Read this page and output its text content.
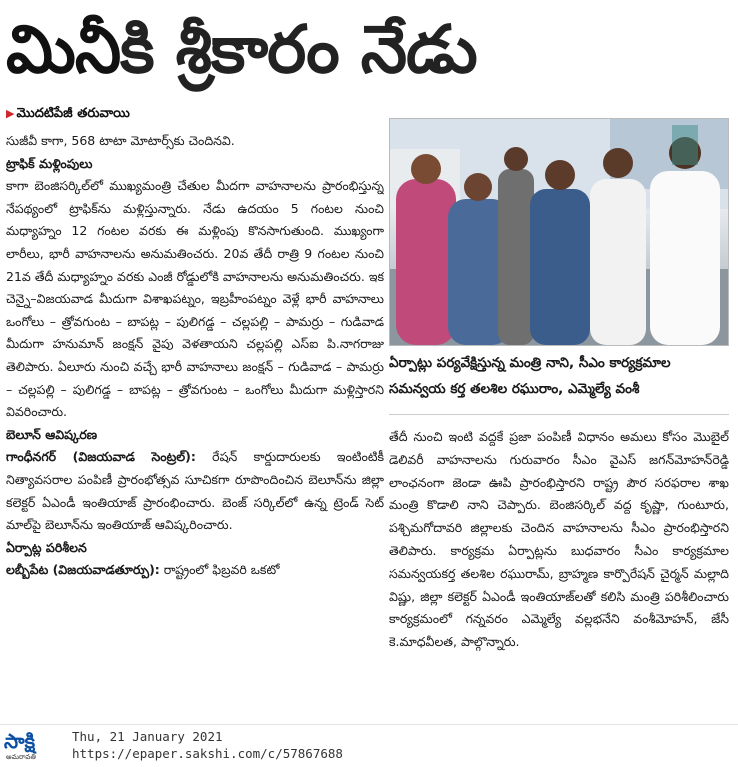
మినీకి శ్రీకారం నేడు
▶ మొదటిపేజీ తరువాయి

సుజీవీ కాగా, 568 టాటా మోటార్స్‌కు చెందినవి.

ట్రాఫిక్‌ మళ్లింపులు

కాగా బెంజిసర్కిల్‌లో ముఖ్యమంత్రి చేతుల మీదగా వాహనాలను ప్రారంభిస్తున్న నేపథ్యంలో ట్రాఫిక్‌ను మళ్లిస్తున్నారు. నేడు ఉదయం 5 గంటల నుంచి మధ్యాహ్నం 12 గంటల వరకు ఈ మళ్లింపు కొనసాగుతుంది. ముఖ్యంగా లారీలు, భారీ వాహనాలను అనుమతించరు. 20వ తేదీ రాత్రి 9 గంటల నుంచి 21వ తేదీ మధ్యాహ్నం వరకు ఎంజీ రోడ్డులోకి వాహనాలను అనుమతించరు. ఇక చెన్నై–విజయవాడ మీదుగా విశాఖపట్నం, ఇబ్రహీంపట్నం వెళ్లే భారీ వాహనాలు ఒంగోలు – త్రోవగుంట – బాపట్ల – పులిగడ్డ – చల్లపల్లి – పామర్రు – గుడివాడ మీదుగా హనుమాన్‌ జంక్షన్‌ వైపు వెళతాయని చల్లపల్లి ఎస్‌ఐ పి.నాగరాజు తెలిపారు. ఏలూరు నుంచి వచ్చే భారీ వాహనాలు జంక్షన్‌ – గుడివాడ – పామర్రు – చల్లపల్లి – పులిగడ్డ – బాపట్ల – త్రోవగుంట – ఒంగోలు మీదుగా మళ్లిస్తారని వివరించారు.

బెలూన్‌ ఆవిష్కరణ

గాంధీనగర్‌ (విజయవాడ సెంట్రల్‌): రేషన్‌ కార్డుదారులకు ఇంటింటికీ నిత్యావసరాల పంపిణీ ప్రారంభోత్సవ సూచికగా రూపొందించిన బెలూన్‌ను జిల్లా కలెక్టర్‌ ఏఎండీ ఇంతియాజ్‌ ప్రారంభించారు. బెంజ్‌ సర్కిల్‌లో ఉన్న ట్రెండ్‌ సెట్‌ మాల్‌పై బెలూన్‌ను ఇంతియాజ్‌ ఆవిష్కరించారు.

ఏర్పాట్ల పరిశీలన

లబ్బీపేట (విజయవాడతూర్పు): రాష్ట్రంలో ఫిబ్రవరి ఒకటో

ఏర్పాట్లు పర్యవేక్షిస్తున్న మంత్రి నాని, సీఎం కార్యక్రమాల సమన్వయ కర్త తలశిల రఘురాం, ఎమ్మెల్యే వంశీ

తేదీ నుంచి ఇంటి వద్దకే ప్రజా పంపిణీ విధానం అమలు కోసం మొబైల్‌ డెలివరీ వాహనాలను గురువారం సీఎం వైఎస్‌ జగన్‌మోహన్‌రెడ్డి లాంఛనంగా జెండా ఊపి ప్రారంభిస్తారని రాష్ట్ర పౌర సరఫరాల శాఖ మంత్రి కొడాలి నాని చెప్పారు. బెంజిసర్కిల్‌ వద్ద కృష్ణా, గుంటూరు, పశ్చిమగోదావరి జిల్లాలకు చెందిన వాహనాలను సీఎం ప్రారంభిస్తారని తెలిపారు. కార్యక్రమ ఏర్పాట్లను బుధవారం సీఎం కార్యక్రమాల సమన్వయకర్త తలశిల రఘురామ్‌, బ్రాహ్మణ కార్పొరేషన్‌ చైర్మన్‌ మల్లాది విష్ణు, జిల్లా కలెక్టర్‌ ఏఎండీ ఇంతియాజ్‌లతో కలిసి మంత్రి పరిశీలించారు కార్యక్రమంలో గన్నవరం ఎమ్మెల్యే వల్లభనేని వంశీమోహన్‌, జేసీ కె.మాధవీలత, పాల్గొన్నారు.

సాక్షి
అమరావతి
Thu, 21 January 2021
https://epaper.sakshi.com/c/57867688
